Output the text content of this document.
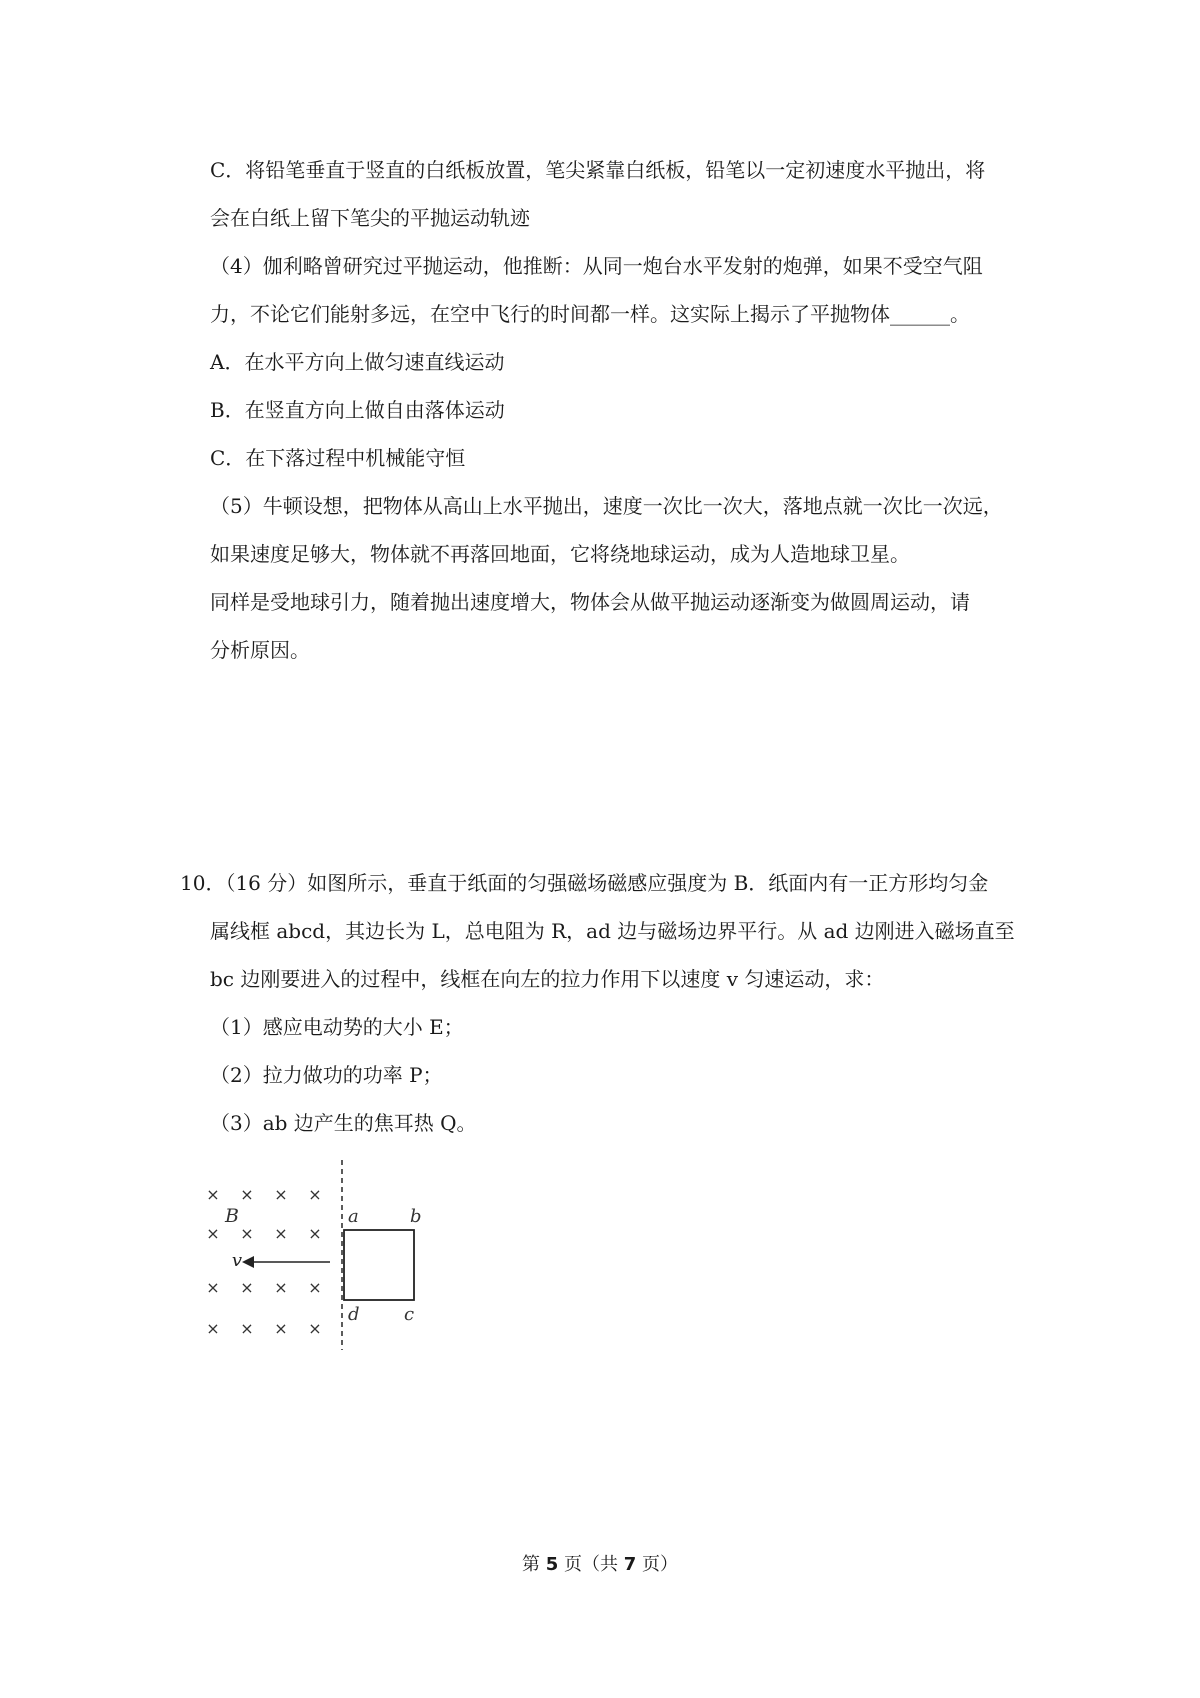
C．将铅笔垂直于竖直的白纸板放置，笔尖紧靠白纸板，铅笔以一定初速度水平抛出，将
会在白纸上留下笔尖的平抛运动轨迹
（4）伽利略曾研究过平抛运动，他推断：从同一炮台水平发射的炮弹，如果不受空气阻
力，不论它们能射多远，在空中飞行的时间都一样。这实际上揭示了平抛物体______。
A．在水平方向上做匀速直线运动
B．在竖直方向上做自由落体运动
C．在下落过程中机械能守恒
（5）牛顿设想，把物体从高山上水平抛出，速度一次比一次大，落地点就一次比一次远，
如果速度足够大，物体就不再落回地面，它将绕地球运动，成为人造地球卫星。
同样是受地球引力，随着抛出速度增大，物体会从做平抛运动逐渐变为做圆周运动，请
分析原因。
10．（16 分）如图所示，垂直于纸面的匀强磁场磁感应强度为 B．纸面内有一正方形均匀金
属线框 abcd，其边长为 L，总电阻为 R，ad 边与磁场边界平行。从 ad 边刚进入磁场直至
bc 边刚要进入的过程中，线框在向左的拉力作用下以速度 v 匀速运动，求：
（1）感应电动势的大小 E；
（2）拉力做功的功率 P；
（3）ab 边产生的焦耳热 Q。
× × × ×
× × × ×
× × × ×
× × × ×
B
v
a	b
d c
第 5 页（共 7 页）
